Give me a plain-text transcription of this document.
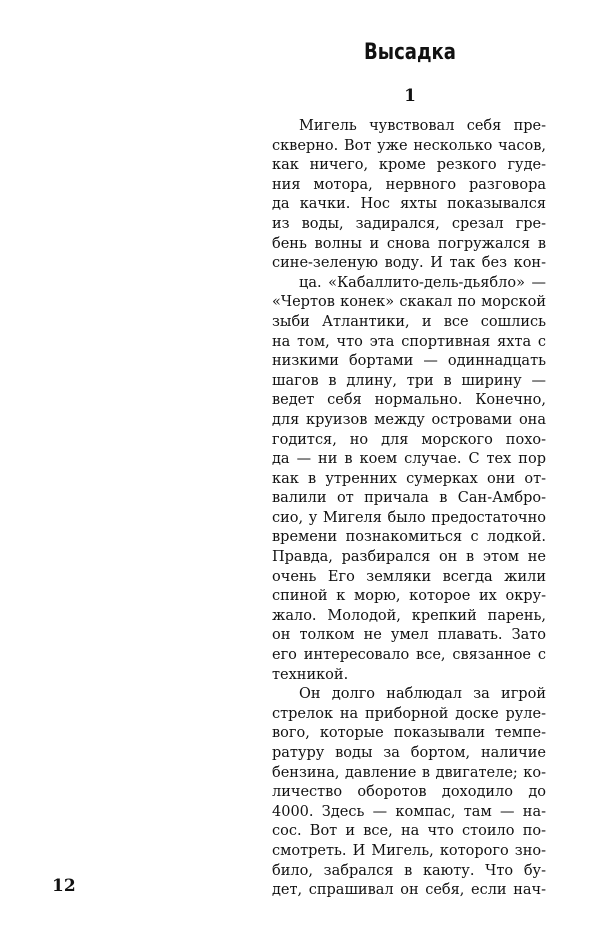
Высадка
1
Мигель чувствовал себя пре-
скверно. Вот уже несколько часов,
как ничего, кроме резкого гуде-
ния мотора, нервного разговора
да качки. Нос яхты показывался
из воды, задирался, срезал гре-
бень волны и снова погружался в
сине-зеленую воду. И так без кон-
ца. «Кабаллито-дель-дьябло» —
«Чертов конек» скакал по морской
зыби Атлантики, и все сошлись
на том, что эта спортивная яхта с
низкими бортами — одиннадцать
шагов в длину, три в ширину —
ведет себя нормально. Конечно,
для круизов между островами она
годится, но для морского похо-
да — ни в коем случае. С тех пор
как в утренних сумерках они от-
валили от причала в Сан-Амбро-
сио, у Мигеля было предостаточно
времени познакомиться с лодкой.
Правда, разбирался он в этом не
очень Его земляки всегда жили
спиной к морю, которое их окру-
жало. Молодой, крепкий парень,
он толком не умел плавать. Зато
его интересовало все, связанное с
техникой.
Он долго наблюдал за игрой
стрелок на приборной доске руле-
вого, которые показывали темпе-
ратуру воды за бортом, наличие
бензина, давление в двигателе; ко-
личество оборотов доходило до
4000. Здесь — компас, там — на-
сос. Вот и все, на что стоило по-
смотреть. И Мигель, которого зно-
било, забрался в каюту. Что бу-
дет, спрашивал он себя, если нач-
12
